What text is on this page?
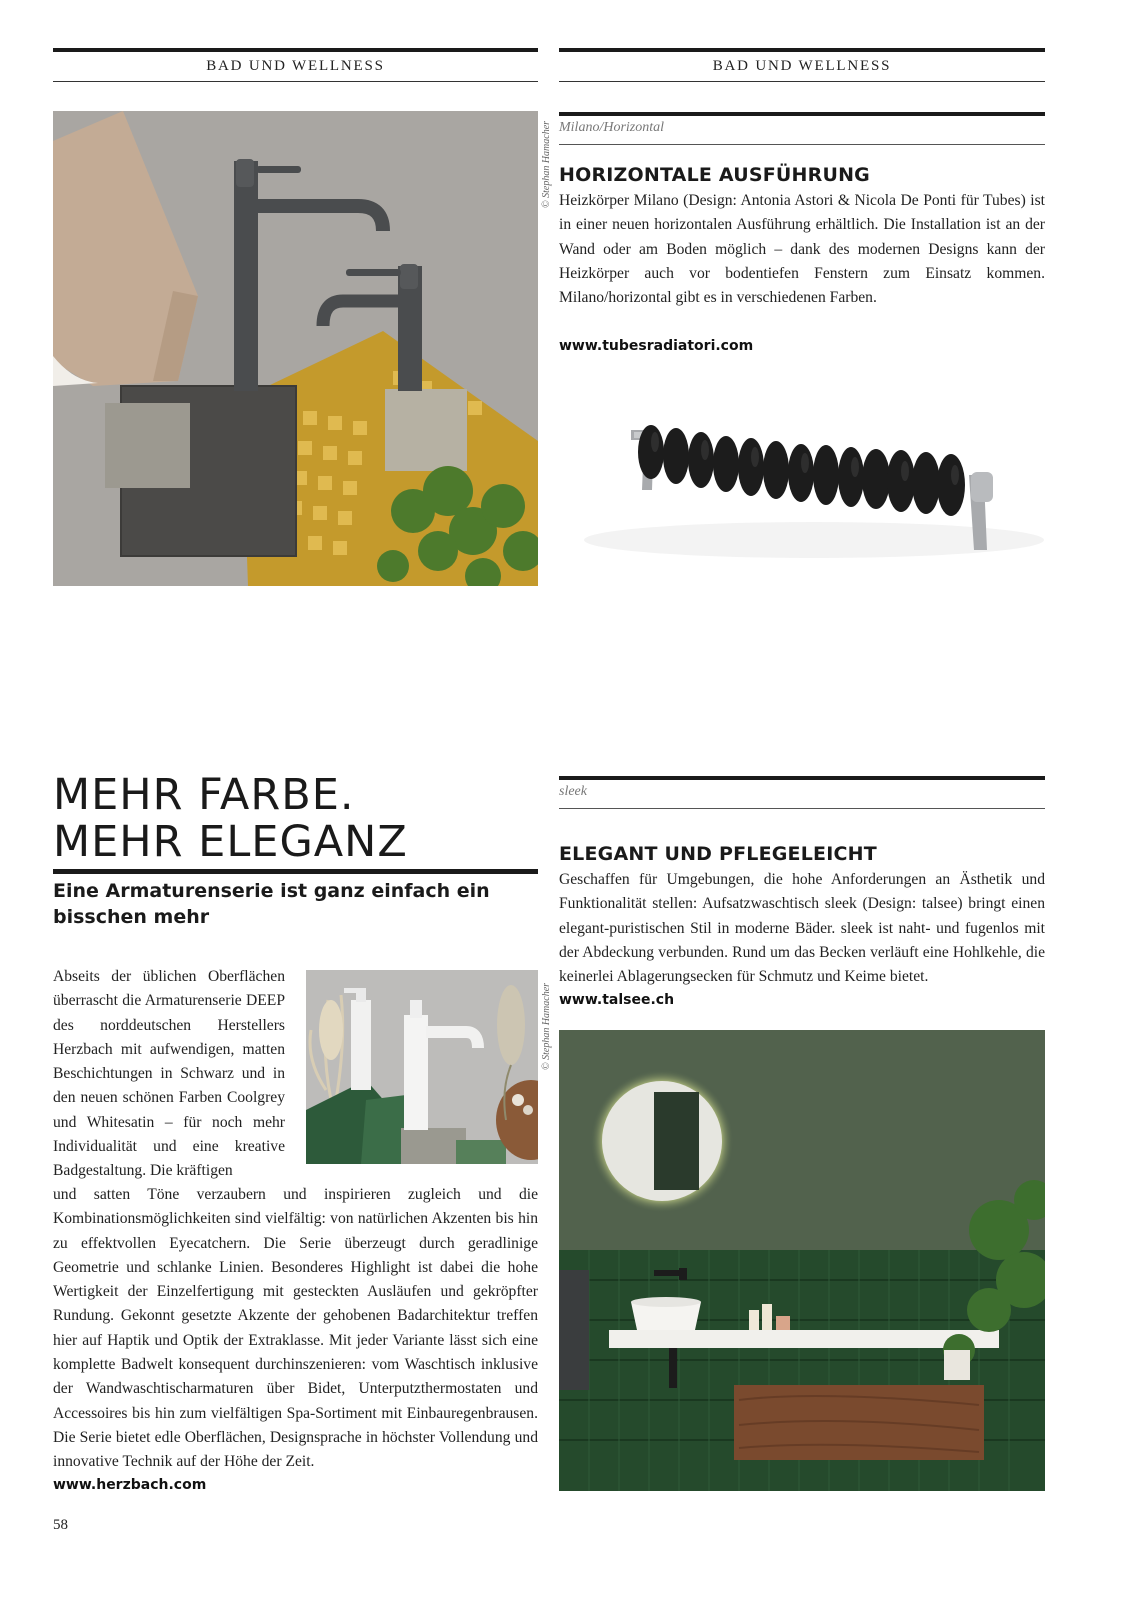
BAD UND WELLNESS	BAD UND WELLNESS
© Stephan Hamacher Milano/Horizontal
HORIZONTALE AUSFÜHRUNG
Heizkörper Milano (Design: Antonia Astori & Nicola De Ponti für Tubes) ist in einer neuen horizontalen Ausführung erhältlich. Die Installation ist an der Wand oder am Boden möglich – dank des modernen Designs kann der Heizkörper auch vor bodentiefen Fenstern zum Einsatz kommen. Milano/horizontal gibt es in verschiedenen Farben.
www.tubesradiatori.com
MEHR FARBE.
MEHR ELEGANZ
Eine Armaturenserie ist ganz einfach ein bisschen mehr
Abseits der üblichen Oberflächen überrascht die Armaturenserie DEEP des norddeutschen Herstellers Herzbach mit aufwendigen, matten Beschichtungen in Schwarz und in den neuen schönen Farben Coolgrey und Whitesatin – für noch mehr Individualität und eine kreative Badgestaltung. Die kräftigen
© Stephan Hamacher
und satten Töne verzaubern und inspirieren zugleich und die Kombinationsmöglichkeiten sind vielfältig: von natürlichen Akzenten bis hin zu effektvollen Eyecatchern. Die Serie überzeugt durch geradlinige Geometrie und schlanke Linien. Besonderes Highlight ist dabei die hohe Wertigkeit der Einzelfertigung mit gesteckten Ausläufen und gekröpfter Rundung. Gekonnt gesetzte Akzente der gehobenen Badarchitektur treffen hier auf Haptik und Optik der Extraklasse. Mit jeder Variante lässt sich eine komplette Badwelt konsequent durchinszenieren: vom Waschtisch inklusive der Wandwaschtischarmaturen über Bidet, Unterputzthermostaten und Accessoires bis hin zum vielfältigen Spa-Sortiment mit Einbauregenbrausen. Die Serie bietet edle Oberflächen, Designsprache in höchster Vollendung und innovative Technik auf der Höhe der Zeit.
www.herzbach.com
sleek
ELEGANT UND PFLEGELEICHT
Geschaffen für Umgebungen, die hohe Anforderungen an Ästhetik und Funktionalität stellen: Aufsatzwaschtisch sleek (Design: talsee) bringt einen elegant-puristischen Stil in moderne Bäder. sleek ist naht- und fugenlos mit der Abdeckung verbunden. Rund um das Becken verläuft eine Hohlkehle, die keinerlei Ablagerungsecken für Schmutz und Keime bietet.
www.talsee.ch
58
